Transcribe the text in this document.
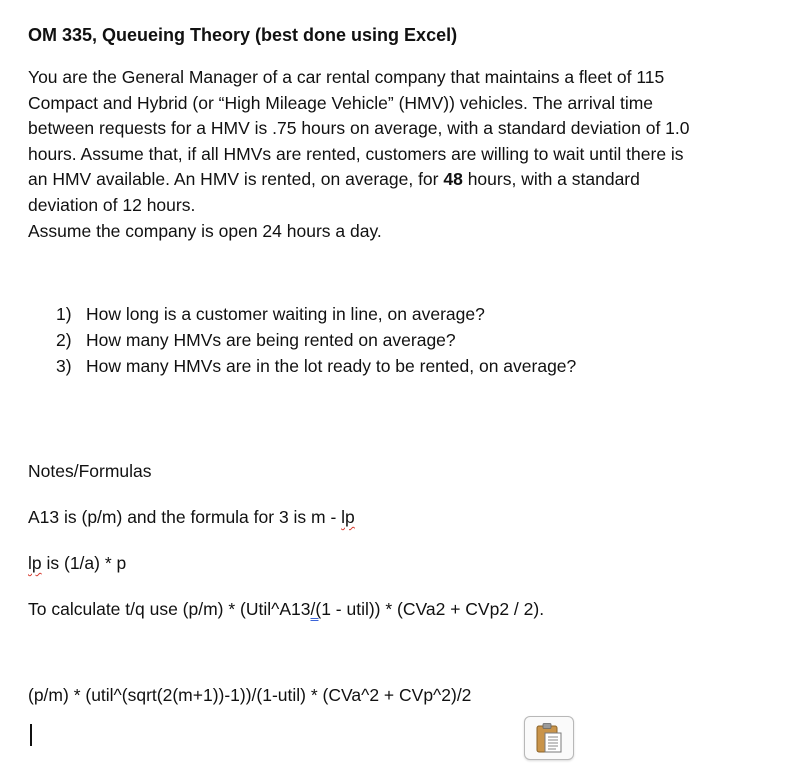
OM 335, Queueing Theory (best done using Excel)
You are the General Manager of a car rental company that maintains a fleet of 115
Compact and Hybrid (or “High Mileage Vehicle” (HMV)) vehicles. The arrival time
between requests for a HMV is .75 hours on average, with a standard deviation of 1.0
hours. Assume that, if all HMVs are rented, customers are willing to wait until there is
an HMV available. An HMV is rented, on average, for 48 hours, with a standard
deviation of 12 hours.
Assume the company is open 24 hours a day.
1) How long is a customer waiting in line, on average?
2) How many HMVs are being rented on average?
3) How many HMVs are in the lot ready to be rented, on average?
Notes/Formulas
A13 is (p/m) and the formula for 3 is m - lp
lp is (1/a) * p
To calculate t/q use (p/m) * (Util^A13/(1 - util)) * (CVa2 + CVp2 / 2).
(p/m) * (util^(sqrt(2(m+1))-1))/(1-util) * (CVa^2 + CVp^2)/2
